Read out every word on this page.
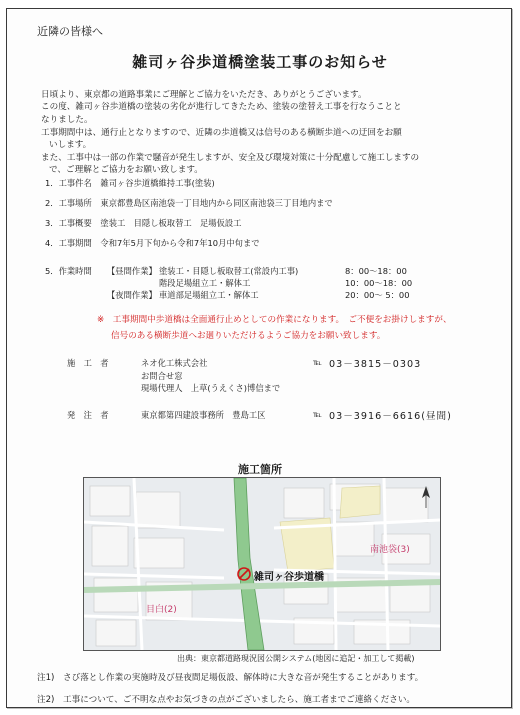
近隣の皆様へ
雑司ヶ谷歩道橋塗装工事のお知らせ
日頃より、東京都の道路事業にご理解とご協力をいただき、ありがとうございます。
この度、雑司ヶ谷歩道橋の塗装の劣化が進行してきたため、塗装の塗替え工事を行なうことと
なりました。
工事期間中は、通行止となりますので、近隣の歩道橋又は信号のある横断歩道への迂回をお願
いします。
また、工事中は一部の作業で騒音が発生しますが、安全及び環境対策に十分配慮して施工しますの
で、ご理解とご協力をお願い致します。
1．工事件名 雑司ヶ谷歩道橋維持工事(塗装)
2．工事場所 東京都豊島区南池袋一丁目地内から同区南池袋三丁目地内まで
3．工事概要 塗装工　目隠し板取替工　足場仮設工
4．工事期間 令和7年5月下旬から令和7年10月中旬まで
5．作業時間 【昼間作業】 塗装工・目隠し板取替工(常設内工事)	8：00～18：00
階段足場組立工・解体工	10：00～18：00
【夜間作業】 車道部足場組立工・解体工	20：00～ 5：00
※　工事期間中歩道橋は全面通行止めとしての作業になります。　ご不便をお掛けしますが、
信号のある横断歩道へお廻りいただけるようご協力をお願い致します。
施　工　者	ネオ化工株式会社	℡ 03－3815－0303
お問合せ窓
現場代理人　上草(うえくさ)博信まで
発　注　者	東京都第四建設事務所　豊島工区	℡ 03－3916－6616(昼間)
施工箇所
雑司ヶ谷歩道橋
南池袋(3)
目白(2)
出典：東京都道路現況図公開システム(地図に追記・加工して掲載)
注1)　さび落とし作業の実施時及び昼夜間足場仮設、解体時に大きな音が発生することがあります。
注2)　工事について、ご不明な点やお気づきの点がございましたら、施工者までご連絡ください。
